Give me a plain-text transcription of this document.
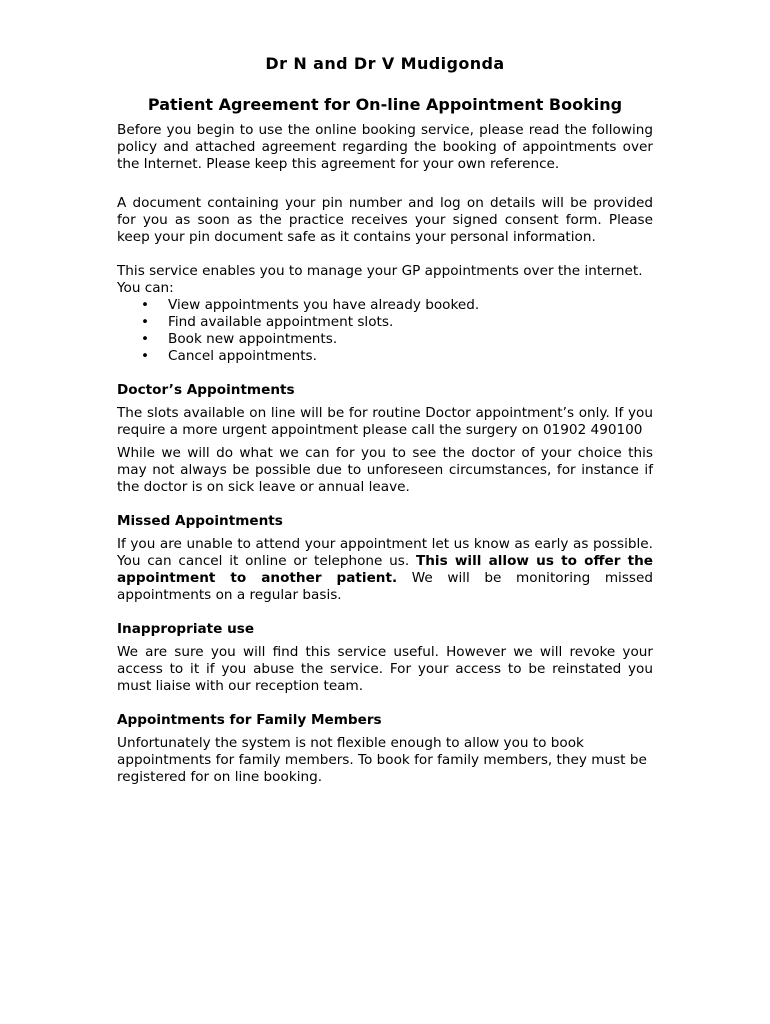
Dr N and Dr V Mudigonda
Patient Agreement for On-line Appointment Booking

Before you begin to use the online booking service, please read the following policy and attached agreement regarding the booking of appointments over the Internet. Please keep this agreement for your own reference.

A document containing your pin number and log on details will be provided for you as soon as the practice receives your signed consent form. Please keep your pin document safe as it contains your personal information.

This service enables you to manage your GP appointments over the internet.

You can:

• View appointments you have already booked.
• Find available appointment slots.
• Book new appointments.
• Cancel appointments.
Doctor’s Appointments

The slots available on line will be for routine Doctor appointment’s only. If you require a more urgent appointment please call the surgery on 01902 490100

While we will do what we can for you to see the doctor of your choice this may not always be possible due to unforeseen circumstances, for instance if the doctor is on sick leave or annual leave.

Missed Appointments

If you are unable to attend your appointment let us know as early as possible. You can cancel it online or telephone us. This will allow us to offer the appointment to another patient. We will be monitoring missed appointments on a regular basis.

Inappropriate use

We are sure you will find this service useful. However we will revoke your access to it if you abuse the service. For your access to be reinstated you must liaise with our reception team.

Appointments for Family Members

Unfortunately the system is not flexible enough to allow you to book appointments for family members. To book for family members, they must be registered for on line booking.
